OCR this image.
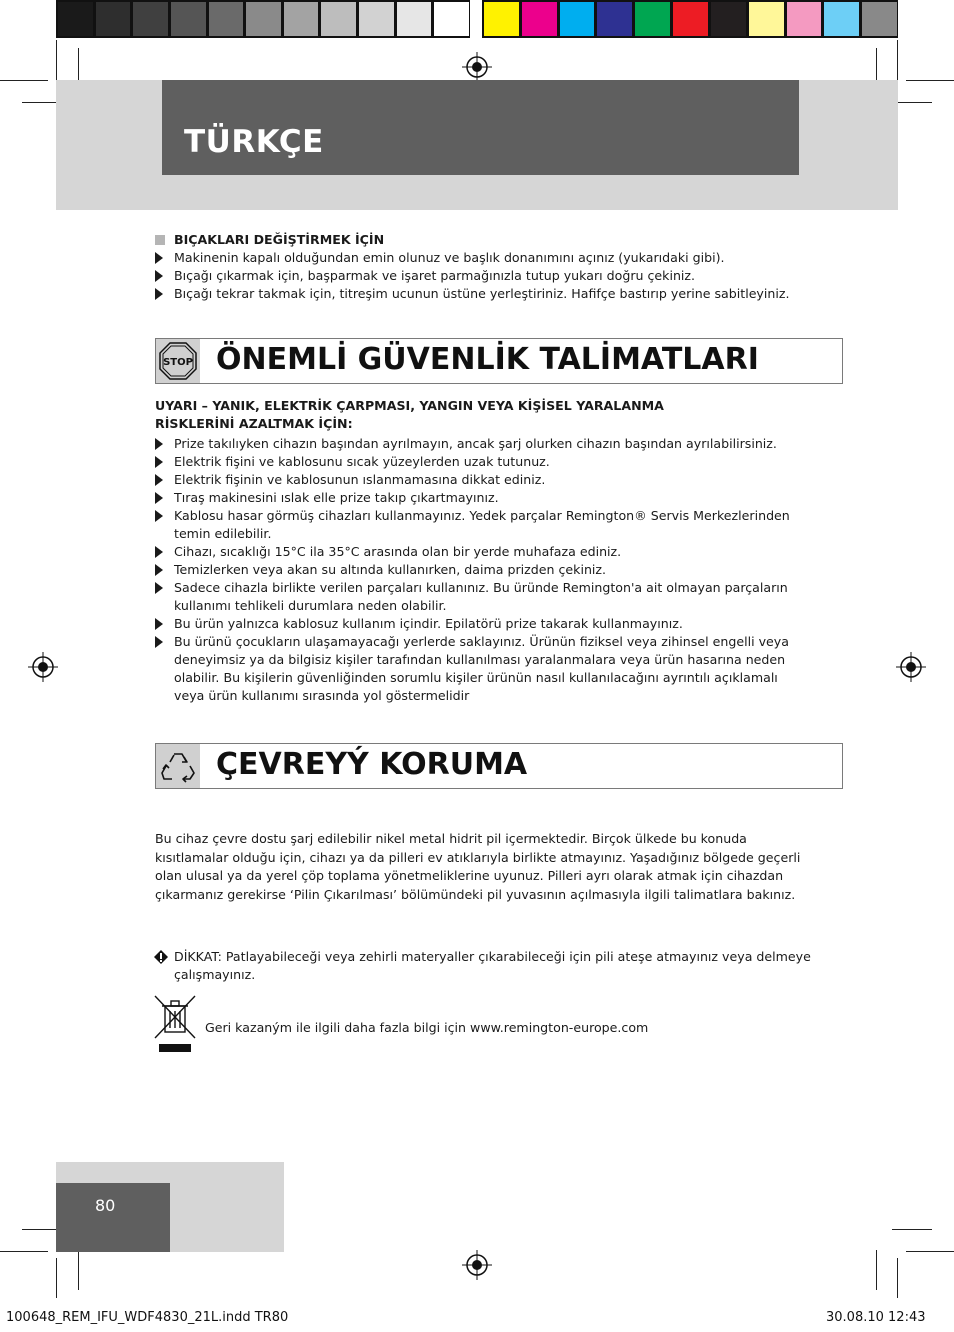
TÜRKÇE
BIÇAKLARI DEĞİŞTİRMEK İÇİN
Makinenin kapalı olduğundan emin olunuz ve başlık donanımını açınız (yukarıdaki gibi).
Bıçağı çıkarmak için, başparmak ve işaret parmağınızla tutup yukarı doğru çekiniz.
Bıçağı tekrar takmak için, titreşim ucunun üstüne yerleştiriniz. Hafifçe bastırıp yerine sabitleyiniz.
STOP ÖNEMLİ GÜVENLİK TALİMATLARI
UYARI – YANIK, ELEKTRİK ÇARPMASI, YANGIN VEYA KİŞİSEL YARALANMA
RİSKLERİNİ AZALTMAK İÇİN:
Prize takılıyken cihazın başından ayrılmayın, ancak şarj olurken cihazın başından ayrılabilirsiniz.
Elektrik fişini ve kablosunu sıcak yüzeylerden uzak tutunuz.
Elektrik fişinin ve kablosunun ıslanmamasına dikkat ediniz.
Tıraş makinesini ıslak elle prize takıp çıkartmayınız.
Kablosu hasar görmüş cihazları kullanmayınız. Yedek parçalar Remington® Servis Merkezlerinden
temin edilebilir.
Cihazı, sıcaklığı 15°C ila 35°C arasında olan bir yerde muhafaza ediniz.
Temizlerken veya akan su altında kullanırken, daima prizden çekiniz.
Sadece cihazla birlikte verilen parçaları kullanınız. Bu üründe Remington'a ait olmayan parçaların
kullanımı tehlikeli durumlara neden olabilir.
Bu ürün yalnızca kablosuz kullanım içindir. Epilatörü prize takarak kullanmayınız.
Bu ürünü çocukların ulaşamayacağı yerlerde saklayınız. Ürünün fiziksel veya zihinsel engelli veya
deneyimsiz ya da bilgisiz kişiler tarafından kullanılması yaralanmalara veya ürün hasarına neden
olabilir. Bu kişilerin güvenliğinden sorumlu kişiler ürünün nasıl kullanılacağını ayrıntılı açıklamalı
veya ürün kullanımı sırasında yol göstermelidir
ÇEVREYÝ KORUMA
Bu cihaz çevre dostu şarj edilebilir nikel metal hidrit pil içermektedir. Birçok ülkede bu konuda
kısıtlamalar olduğu için, cihazı ya da pilleri ev atıklarıyla birlikte atmayınız. Yaşadığınız bölgede geçerli
olan ulusal ya da yerel çöp toplama yönetmeliklerine uyunuz. Pilleri ayrı olarak atmak için cihazdan
çıkarmanız gerekirse ‘Pilin Çıkarılması’ bölümündeki pil yuvasının açılmasıyla ilgili talimatlara bakınız.
DİKKAT: Patlayabileceği veya zehirli materyaller çıkarabileceği için pili ateşe atmayınız veya delmeye
çalışmayınız.
Geri kazaným ile ilgili daha fazla bilgi için www.remington-europe.com
80
100648_REM_IFU_WDF4830_21L.indd TR80	30.08.10 12:43
